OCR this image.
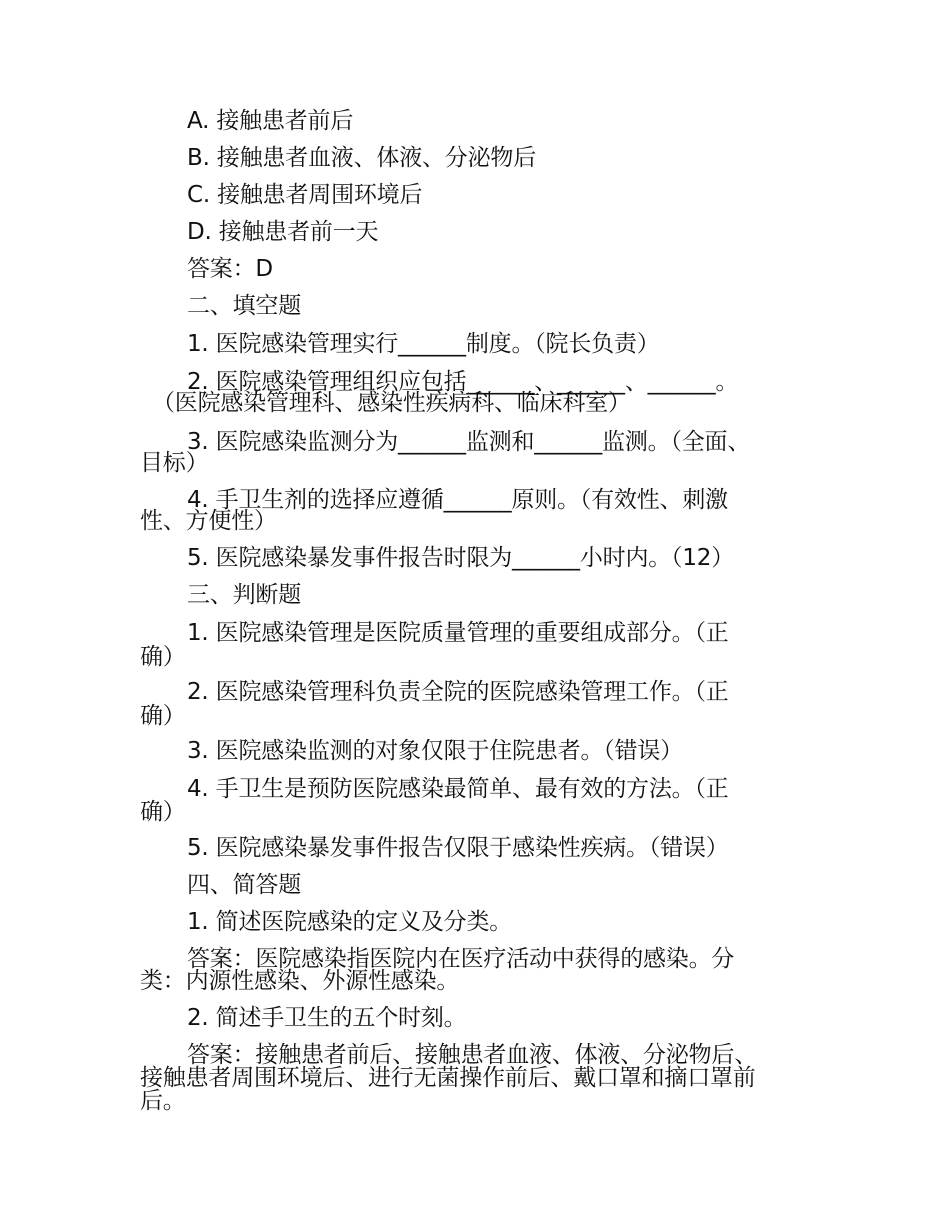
A. 接触患者前后

B. 接触患者血液、体液、分泌物后

C. 接触患者周围环境后

D. 接触患者前一天

答案：D

二、填空题

1. 医院感染管理实行______制度。（院长负责）

2. 医院感染管理组织应包括______、______、______。

（医院感染管理科、感染性疾病科、临床科室）

3. 医院感染监测分为______监测和______监测。（全面、

目标）

4. 手卫生剂的选择应遵循______原则。（有效性、刺激

性、方便性）

5. 医院感染暴发事件报告时限为______小时内。（12）

三、判断题

1. 医院感染管理是医院质量管理的重要组成部分。（正

确）

2. 医院感染管理科负责全院的医院感染管理工作。（正

确）

3. 医院感染监测的对象仅限于住院患者。（错误）

4. 手卫生是预防医院感染最简单、最有效的方法。（正

确）

5. 医院感染暴发事件报告仅限于感染性疾病。（错误）

四、简答题

1. 简述医院感染的定义及分类。

答案：医院感染指医院内在医疗活动中获得的感染。分

类：内源性感染、外源性感染。

2. 简述手卫生的五个时刻。

答案：接触患者前后、接触患者血液、体液、分泌物后、

接触患者周围环境后、进行无菌操作前后、戴口罩和摘口罩前

后。
